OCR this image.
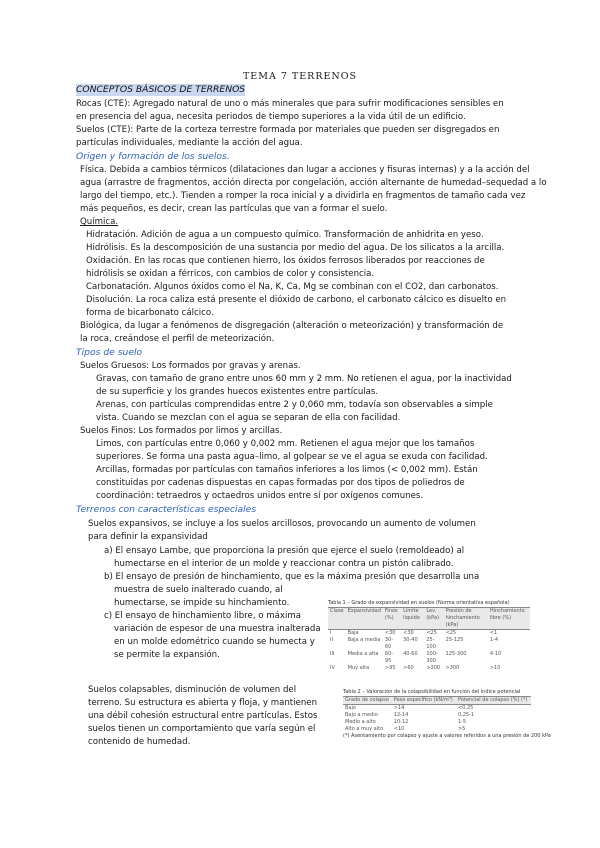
TEMA 7 TERRENOS
CONCEPTOS BÁSICOS DE TERRENOS
Rocas (CTE): Agregado natural de uno o más minerales que para sufrir modificaciones sensibles en
en presencia del agua, necesita periodos de tiempo superiores a la vida útil de un edificio.
Suelos (CTE): Parte de la corteza terrestre formada por materiales que pueden ser disgregados en
partículas individuales, mediante la acción del agua.
Origen y formación de los suelos.
Física. Debida a cambios térmicos (dilataciones dan lugar a acciones y fisuras internas) y a la acción del
agua (arrastre de fragmentos, acción directa por congelación, acción alternante de humedad–sequedad a lo
largo del tiempo, etc.). Tienden a romper la roca inicial y a dividirla en fragmentos de tamaño cada vez
más pequeños, es decir, crean las partículas que van a formar el suelo.
Química.
Hidratación. Adición de agua a un compuesto químico. Transformación de anhidrita en yeso.
Hidrólisis. Es la descomposición de una sustancia por medio del agua. De los silicatos a la arcilla.
Oxidación. En las rocas que contienen hierro, los óxidos ferrosos liberados por reacciones de
hidrólisis se oxidan a férricos, con cambios de color y consistencia.
Carbonatación. Algunos óxidos como el Na, K, Ca, Mg se combinan con el CO2, dan carbonatos.
Disolución. La roca caliza está presente el dióxido de carbono, el carbonato cálcico es disuelto en
forma de bicarbonato cálcico.
Biológica, da lugar a fenómenos de disgregación (alteración o meteorización) y transformación de
la roca, creándose el perfil de meteorización.
Tipos de suelo
Suelos Gruesos: Los formados por gravas y arenas.
Gravas, con tamaño de grano entre unos 60 mm y 2 mm. No retienen el agua, por la inactividad
de su superficie y los grandes huecos existentes entre partículas.
Arenas, con partículas comprendidas entre 2 y 0,060 mm, todavía son observables a simple
vista. Cuando se mezclan con el agua se separan de ella con facilidad.
Suelos Finos: Los formados por limos y arcillas.
Limos, con partículas entre 0,060 y 0,002 mm. Retienen el agua mejor que los tamaños
superiores. Se forma una pasta agua–limo, al golpear se ve el agua se exuda con facilidad.
Arcillas, formadas por partículas con tamaños inferiores a los limos (< 0,002 mm). Están
constituidas por cadenas dispuestas en capas formadas por dos tipos de poliedros de
coordinación: tetraedros y octaedros unidos entre sí por oxígenos comunes.
Terrenos con características especiales
Suelos expansivos, se incluye a los suelos arcillosos, provocando un aumento de volumen
para definir la expansividad
a) El ensayo Lambe, que proporciona la presión que ejerce el suelo (remoldeado) al
humectarse en el interior de un molde y reaccionar contra un pistón calibrado.
b) El ensayo de presión de hinchamiento, que es la máxima presión que desarrolla una
muestra de suelo inalterado cuando, al
humectarse, se impide su hinchamiento.
c) El ensayo de hinchamiento libre, o máxima
variación de espesor de una muestra inalterada
en un molde edométrico cuando se humecta y
se permite la expansión.
Suelos colapsables, disminución de volumen del
terreno. Su estructura es abierta y floja, y mantienen
una débil cohesión estructural entre partículas. Estos
suelos tienen un comportamiento que varía según el
contenido de humedad.
Tabla 1 – Grado de expansividad en suelos (Norma orientativa española)
Clase	Expansividad	Finos (%)	Límite líquido	Lev. (kPa)	Presión de hinchamiento (kPa)	Hinchamiento libre (%)
I	Baja	<30	<30	<25	<25	<1
II	Baja a media	30-60	30-40	25-100	25-125	1-4
III	Media a alta	60-95	40-60	100-300	125-300	4-10
IV	Muy alta	>95	>60	>300	>300	>10
Tabla 2 – Valoración de la colapsibilidad en función del índice potencial
Grado de colapso	Peso específico (kN/m³)	Potencial de colapso (%) (*)
Bajo	>14	<0,25
Bajo a medio	12-14	0,25-1
Medio a alto	10-12	1-5
Alto a muy alto	<10	>5
(*) Asentamiento por colapso y ajuste a valores referidos a una presión de 200 kPa
